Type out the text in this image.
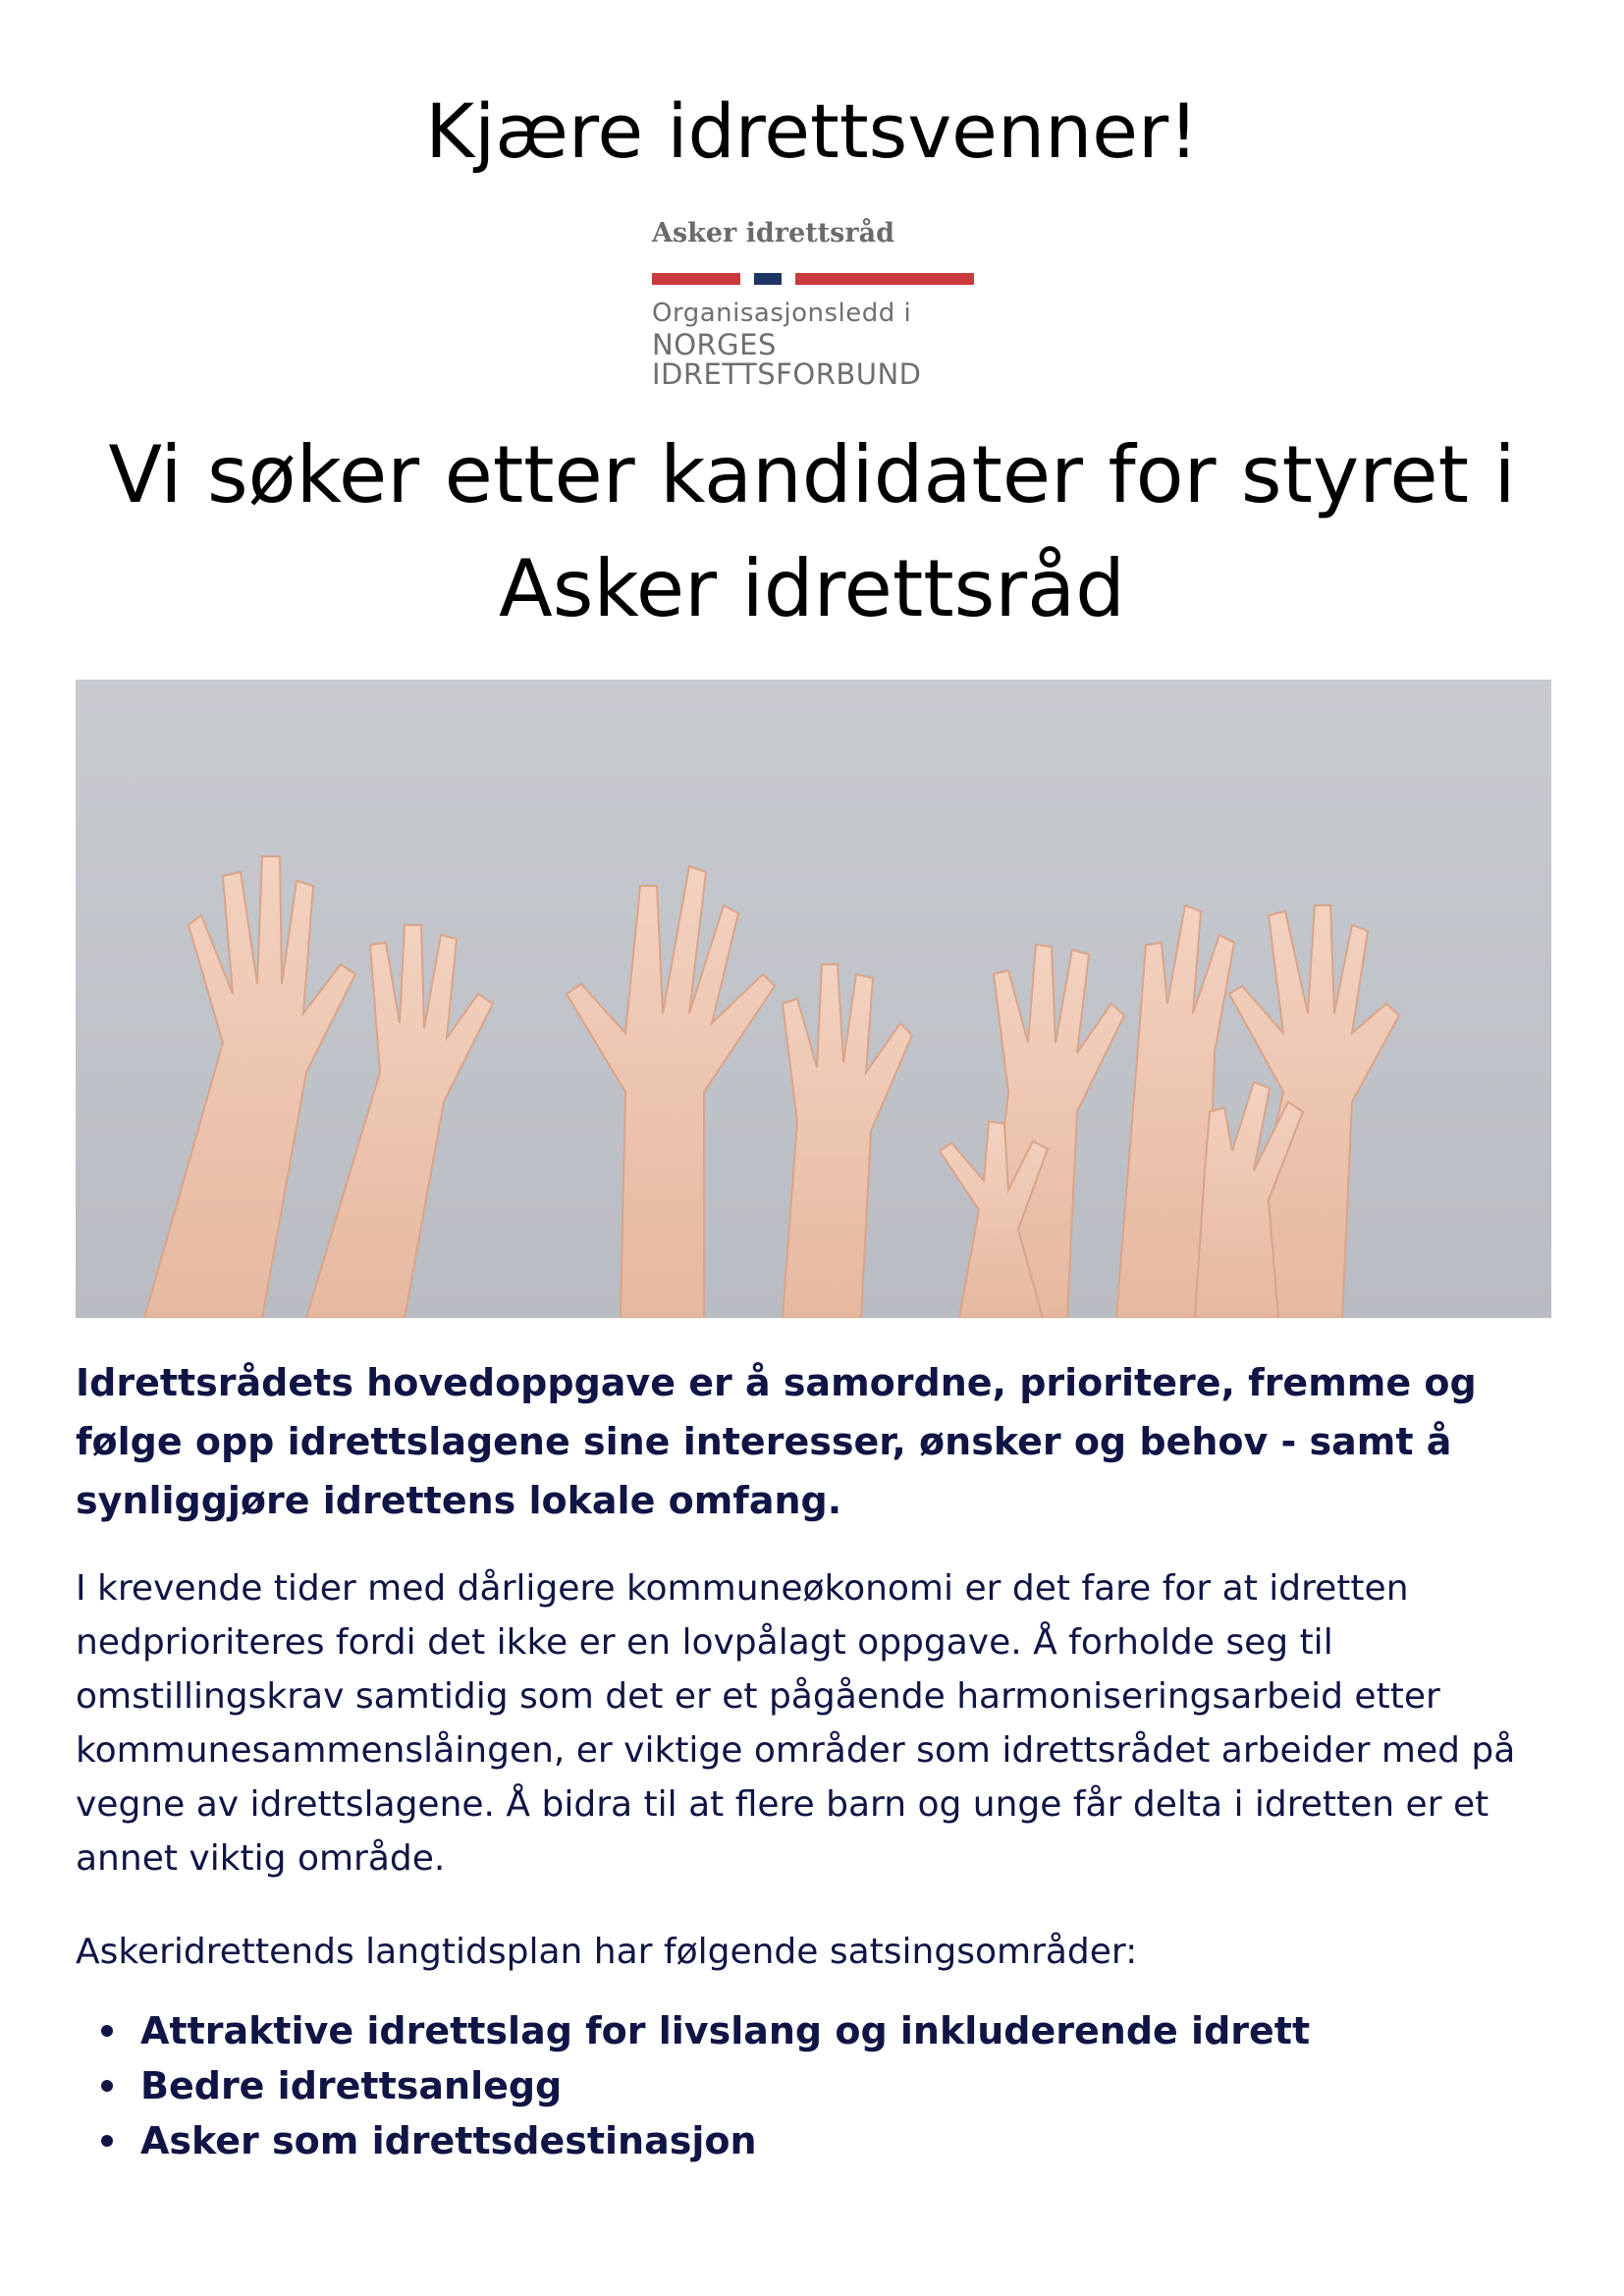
Kjære idrettsvenner!
Asker idrettsråd
Organisasjonsledd i
NORGES
IDRETTSFORBUND
Vi søker etter kandidater for styret i Asker idrettsråd

Idrettsrådets hovedoppgave er å samordne, prioritere, fremme og følge opp idrettslagene sine interesser, ønsker og behov - samt å synliggjøre idrettens lokale omfang.

I krevende tider med dårligere kommuneøkonomi er det fare for at idretten nedprioriteres fordi det ikke er en lovpålagt oppgave. Å forholde seg til omstillingskrav samtidig som det er et pågående harmoniseringsarbeid etter kommunesammenslåingen, er viktige områder som idrettsrådet arbeider med på vegne av idrettslagene. Å bidra til at flere barn og unge får delta i idretten er et annet viktig område.

Askeridrettends langtidsplan har følgende satsingsområder:

Attraktive idrettslag for livslang og inkluderende idrett
Bedre idrettsanlegg
Asker som idrettsdestinasjon
